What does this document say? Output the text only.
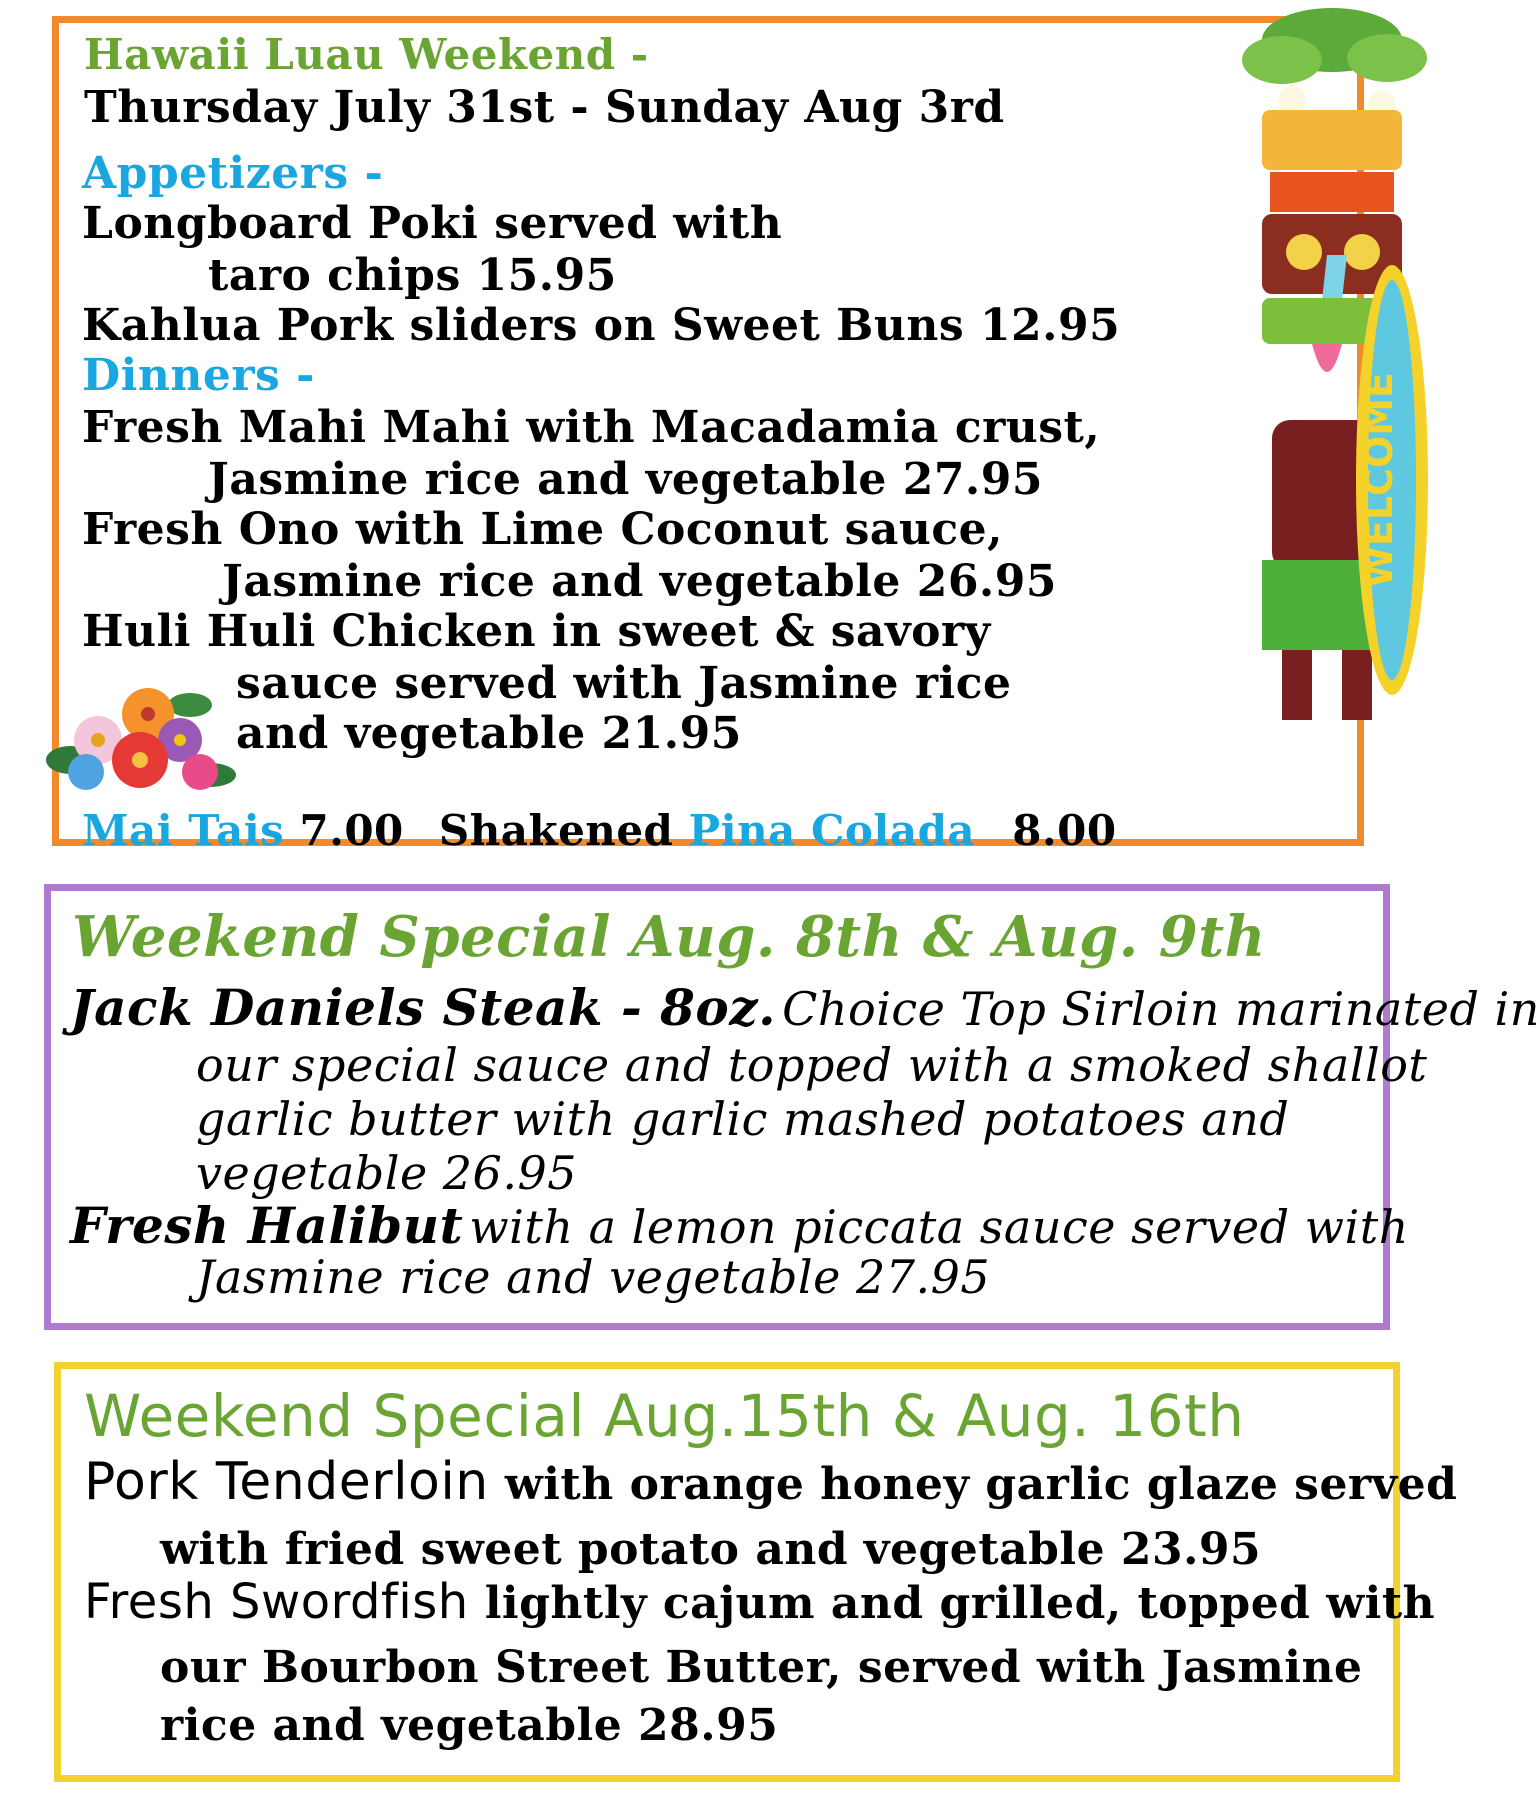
Hawaii Luau Weekend -
Thursday July 31st - Sunday Aug 3rd
Appetizers -
Longboard Poki served with
taro chips 15.95
Kahlua Pork sliders on Sweet Buns 12.95
Dinners -
Fresh Mahi Mahi with Macadamia crust,
Jasmine rice and vegetable 27.95
Fresh Ono with Lime Coconut sauce,
Jasmine rice and vegetable 26.95
Huli Huli Chicken in sweet & savory
sauce served with Jasmine rice
and vegetable 21.95
Mai Tais 7.00 Shakened Pina Colada 8.00
WELCOME
Weekend Special Aug. 8th & Aug. 9th
Jack Daniels Steak - 8oz. Choice Top Sirloin marinated in
our special sauce and topped with a smoked shallot
garlic butter with garlic mashed potatoes and
vegetable 26.95
Fresh Halibut with a lemon piccata sauce served with
Jasmine rice and vegetable 27.95
Weekend Special Aug.15th & Aug. 16th
Pork Tenderloin with orange honey garlic glaze served
with fried sweet potato and vegetable 23.95
Fresh Swordfish lightly cajum and grilled, topped with
our Bourbon Street Butter, served with Jasmine
rice and vegetable 28.95
